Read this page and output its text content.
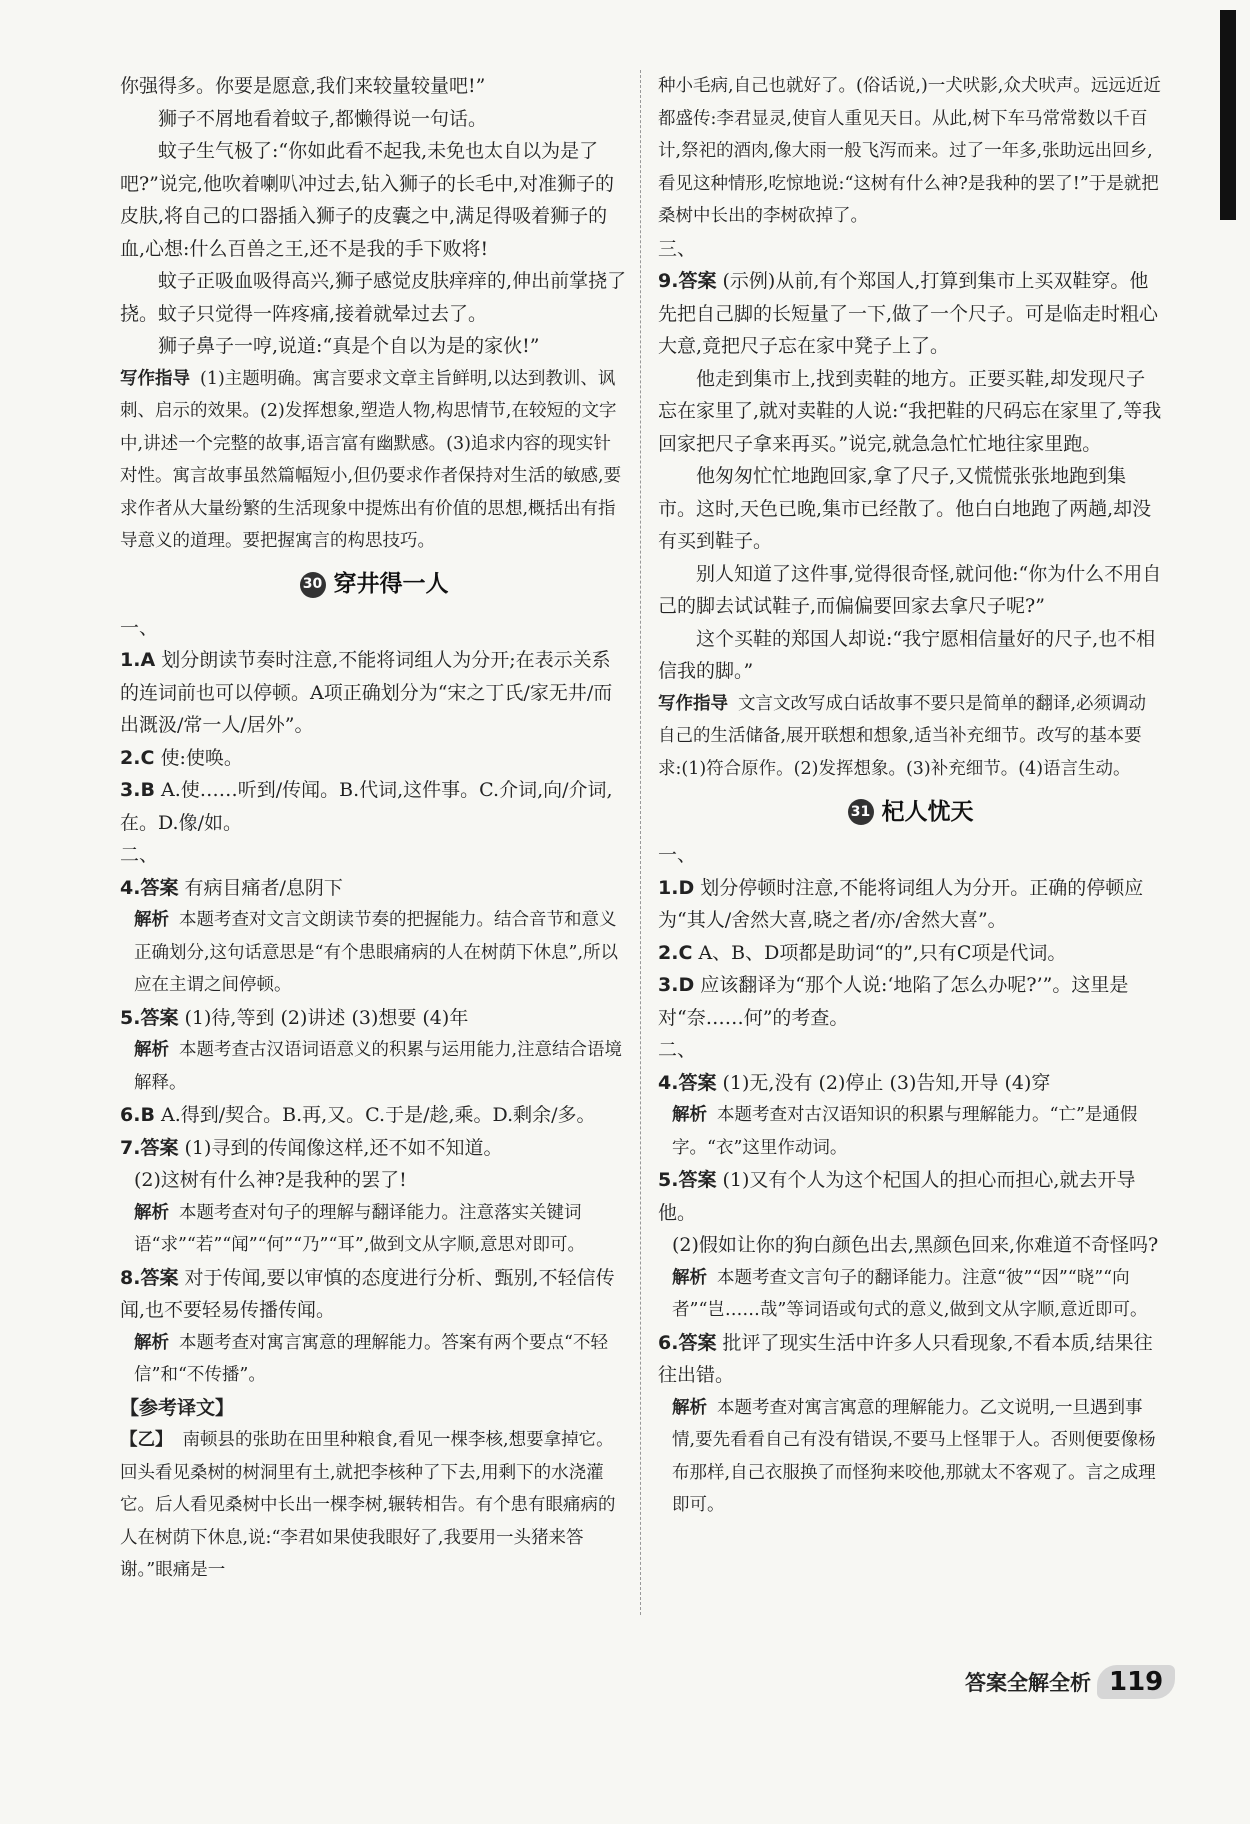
你强得多。你要是愿意,我们来较量较量吧!”

狮子不屑地看着蚊子,都懒得说一句话。

蚊子生气极了:“你如此看不起我,未免也太自以为是了吧?”说完,他吹着喇叭冲过去,钻入狮子的长毛中,对准狮子的皮肤,将自己的口器插入狮子的皮囊之中,满足得吸着狮子的血,心想:什么百兽之王,还不是我的手下败将!

蚊子正吸血吸得高兴,狮子感觉皮肤痒痒的,伸出前掌挠了挠。蚊子只觉得一阵疼痛,接着就晕过去了。

狮子鼻子一哼,说道:“真是个自以为是的家伙!”

写作指导 (1)主题明确。寓言要求文章主旨鲜明,以达到教训、讽刺、启示的效果。(2)发挥想象,塑造人物,构思情节,在较短的文字中,讲述一个完整的故事,语言富有幽默感。(3)追求内容的现实针对性。寓言故事虽然篇幅短小,但仍要求作者保持对生活的敏感,要求作者从大量纷繁的生活现象中提炼出有价值的思想,概括出有指导意义的道理。要把握寓言的构思技巧。

30 穿井得一人

一、

1.A 划分朗读节奏时注意,不能将词组人为分开;在表示关系的连词前也可以停顿。A项正确划分为“宋之丁氏/家无井/而出溉汲/常一人/居外”。

2.C 使:使唤。

3.B A.使……听到/传闻。B.代词,这件事。C.介词,向/介词,在。D.像/如。

二、

4.答案 有病目痛者/息阴下

解析 本题考查对文言文朗读节奏的把握能力。结合音节和意义正确划分,这句话意思是“有个患眼痛病的人在树荫下休息”,所以应在主谓之间停顿。

5.答案 (1)待,等到 (2)讲述 (3)想要 (4)年

解析 本题考查古汉语词语意义的积累与运用能力,注意结合语境解释。

6.B A.得到/契合。B.再,又。C.于是/趁,乘。D.剩余/多。

7.答案 (1)寻到的传闻像这样,还不如不知道。

(2)这树有什么神?是我种的罢了!

解析 本题考查对句子的理解与翻译能力。注意落实关键词语“求”“若”“闻”“何”“乃”“耳”,做到文从字顺,意思对即可。

8.答案 对于传闻,要以审慎的态度进行分析、甄别,不轻信传闻,也不要轻易传播传闻。

解析 本题考查对寓言寓意的理解能力。答案有两个要点“不轻信”和“不传播”。

【参考译文】

【乙】 南顿县的张助在田里种粮食,看见一棵李核,想要拿掉它。回头看见桑树的树洞里有土,就把李核种了下去,用剩下的水浇灌它。后人看见桑树中长出一棵李树,辗转相告。有个患有眼痛病的人在树荫下休息,说:“李君如果使我眼好了,我要用一头猪来答谢。”眼痛是一

种小毛病,自己也就好了。(俗话说,)一犬吠影,众犬吠声。远远近近都盛传:李君显灵,使盲人重见天日。从此,树下车马常常数以千百计,祭祀的酒肉,像大雨一般飞泻而来。过了一年多,张助远出回乡,看见这种情形,吃惊地说:“这树有什么神?是我种的罢了!”于是就把桑树中长出的李树砍掉了。

三、

9.答案 (示例)从前,有个郑国人,打算到集市上买双鞋穿。他先把自己脚的长短量了一下,做了一个尺子。可是临走时粗心大意,竟把尺子忘在家中凳子上了。

他走到集市上,找到卖鞋的地方。正要买鞋,却发现尺子忘在家里了,就对卖鞋的人说:“我把鞋的尺码忘在家里了,等我回家把尺子拿来再买。”说完,就急急忙忙地往家里跑。

他匆匆忙忙地跑回家,拿了尺子,又慌慌张张地跑到集市。这时,天色已晚,集市已经散了。他白白地跑了两趟,却没有买到鞋子。

别人知道了这件事,觉得很奇怪,就问他:“你为什么不用自己的脚去试试鞋子,而偏偏要回家去拿尺子呢?”

这个买鞋的郑国人却说:“我宁愿相信量好的尺子,也不相信我的脚。”

写作指导 文言文改写成白话故事不要只是简单的翻译,必须调动自己的生活储备,展开联想和想象,适当补充细节。改写的基本要求:(1)符合原作。(2)发挥想象。(3)补充细节。(4)语言生动。

31 杞人忧天

一、

1.D 划分停顿时注意,不能将词组人为分开。正确的停顿应为“其人/舍然大喜,晓之者/亦/舍然大喜”。

2.C A、B、D项都是助词“的”,只有C项是代词。

3.D 应该翻译为“那个人说:‘地陷了怎么办呢?’”。这里是对“奈……何”的考查。

二、

4.答案 (1)无,没有 (2)停止 (3)告知,开导 (4)穿

解析 本题考查对古汉语知识的积累与理解能力。“亡”是通假字。“衣”这里作动词。

5.答案 (1)又有个人为这个杞国人的担心而担心,就去开导他。

(2)假如让你的狗白颜色出去,黑颜色回来,你难道不奇怪吗?

解析 本题考查文言句子的翻译能力。注意“彼”“因”“晓”“向者”“岂……哉”等词语或句式的意义,做到文从字顺,意近即可。

6.答案 批评了现实生活中许多人只看现象,不看本质,结果往往出错。

解析 本题考查对寓言寓意的理解能力。乙文说明,一旦遇到事情,要先看看自己有没有错误,不要马上怪罪于人。否则便要像杨布那样,自己衣服换了而怪狗来咬他,那就太不客观了。言之成理即可。

答案全解全析 119
